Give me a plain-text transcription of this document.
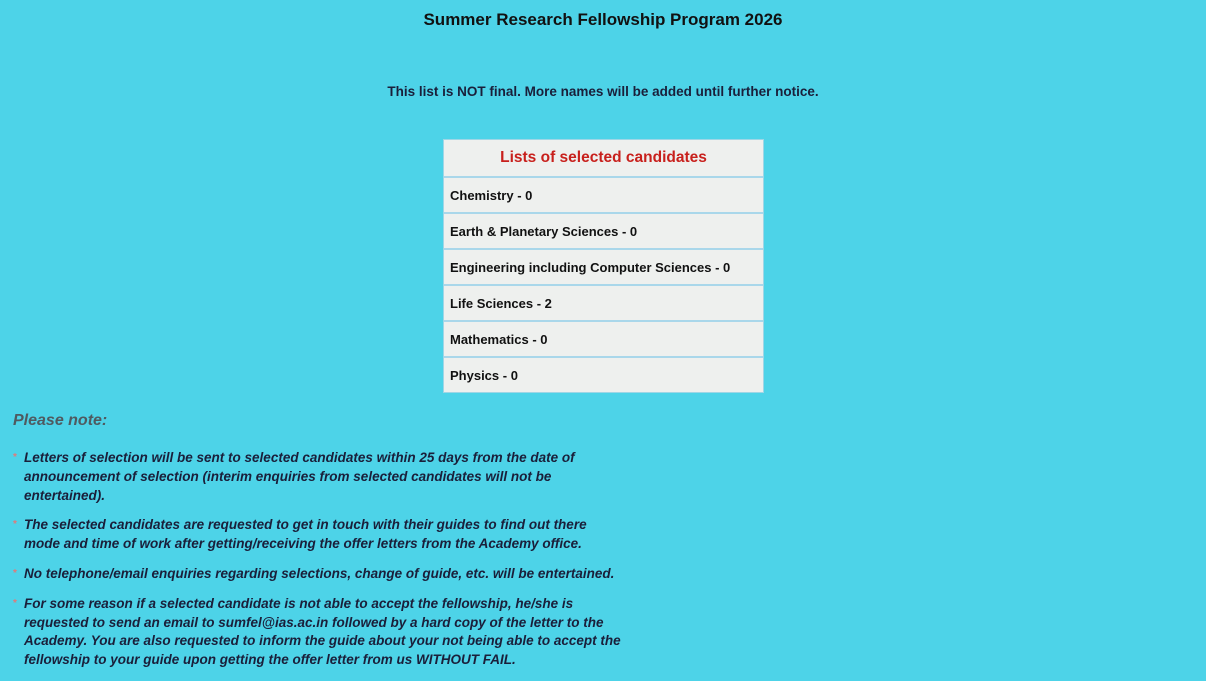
Summer Research Fellowship Program 2026

This list is NOT final. More names will be added until further notice.

Lists of selected candidates
Chemistry - 0
Earth & Planetary Sciences - 0
Engineering including Computer Sciences - 0
Life Sciences - 2
Mathematics - 0
Physics - 0

Please note:

* Letters of selection will be sent to selected candidates within 25 days from the date of announcement of selection (interim enquiries from selected candidates will not be entertained).
* The selected candidates are requested to get in touch with their guides to find out there mode and time of work after getting/receiving the offer letters from the Academy office.
* No telephone/email enquiries regarding selections, change of guide, etc. will be entertained.
* For some reason if a selected candidate is not able to accept the fellowship, he/she is requested to send an email to sumfel@ias.ac.in followed by a hard copy of the letter to the Academy. You are also requested to inform the guide about your not being able to accept the fellowship to your guide upon getting the offer letter from us WITHOUT FAIL.
